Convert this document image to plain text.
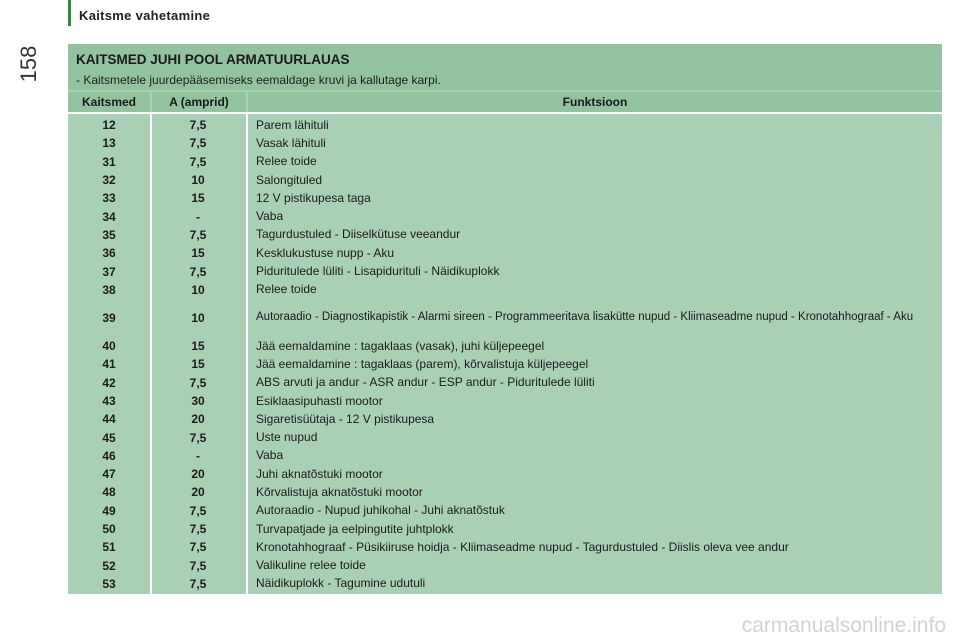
Kaitsme vahetamine
158	KAITSMED JUHI POOL ARMATUURLAUAS
- Kaitsmetele juurdepääsemiseks eemaldage kruvi ja kallutage karpi.
Kaitsmed	A (amprid)	Funktsioon
12	7,5	Parem lähituli
13	7,5	Vasak lähituli
31	7,5	Relee toide
32	10	Salongituled
33	15	12 V pistikupesa taga
34	-	Vaba
35	7,5	Tagurdustuled - Diiselkütuse veeandur
36	15	Kesklukustuse nupp - Aku
37	7,5	Piduritulede lüliti - Lisapidurituli - Näidikuplokk
38	10	Relee toide
39	10	Autoraadio - Diagnostikapistik - Alarmi sireen - Programmeeritava lisakütte nupud - Kliimaseadme nupud - Kronotahhograaf - Aku
40	15	Jää eemaldamine : tagaklaas (vasak), juhi küljepeegel
41	15	Jää eemaldamine : tagaklaas (parem), kõrvalistuja küljepeegel
42	7,5	ABS arvuti ja andur - ASR andur - ESP andur - Piduritulede lüliti
43	30	Esiklaasipuhasti mootor
44	20	Sigaretisüütaja - 12 V pistikupesa
45	7,5	Uste nupud
46	-	Vaba
47	20	Juhi aknatõstuki mootor
48	20	Kõrvalistuja aknatõstuki mootor
49	7,5	Autoraadio - Nupud juhikohal - Juhi aknatõstuk
50	7,5	Turvapatjade ja eelpingutite juhtplokk
51	7,5	Kronotahhograaf - Püsikiiruse hoidja - Kliimaseadme nupud - Tagurdustuled - Diislis oleva vee andur
52	7,5	Valikuline relee toide
53	7,5	Näidikuplokk - Tagumine udutuli
carmanualsonline.info
